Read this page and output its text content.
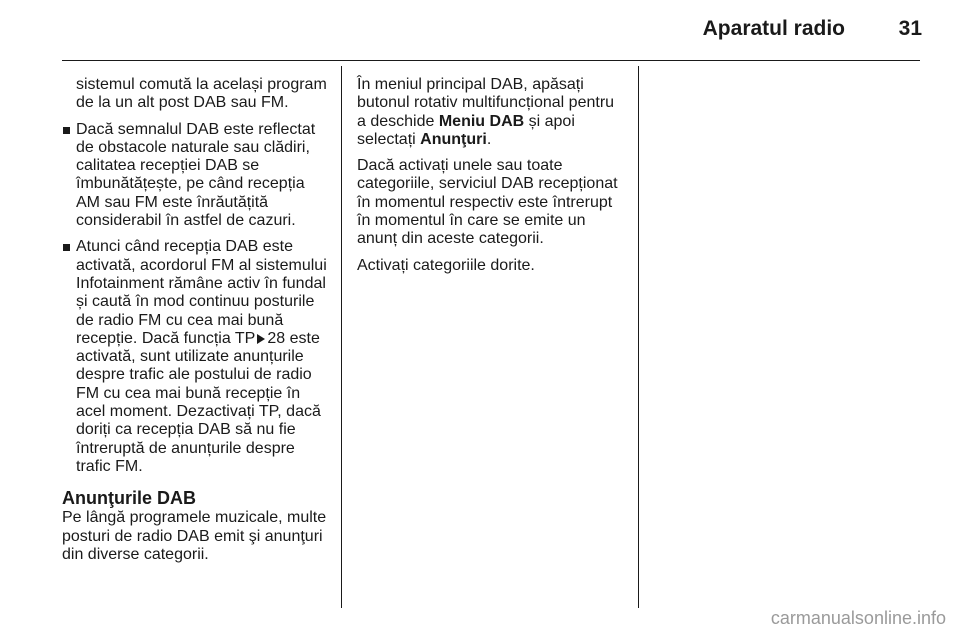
Aparatul radio	31

sistemul comută la același program de la un alt post DAB sau FM.

Dacă semnalul DAB este reflectat de obstacole naturale sau clădiri, calitatea recepției DAB se îmbunătățește, pe când recepția AM sau FM este înrăutățită considerabil în astfel de cazuri.
Atunci când recepția DAB este activată, acordorul FM al sistemului Infotainment rămâne activ în fundal și caută în mod continuu posturile de radio FM cu cea mai bună recepție. Dacă funcția TP 28 este activată, sunt utilizate anunțurile despre trafic ale postului de radio FM cu cea mai bună recepție în acel moment. Dezactivați TP, dacă doriți ca recepția DAB să nu fie întreruptă de anunțurile despre trafic FM.
Anunţurile DAB

Pe lângă programele muzicale, multe posturi de radio DAB emit şi anunţuri din diverse categorii.

În meniul principal DAB, apăsați butonul rotativ multifuncțional pentru a deschide Meniu DAB și apoi selectați Anunţuri.

Dacă activați unele sau toate categoriile, serviciul DAB recepționat în momentul respectiv este întrerupt în momentul în care se emite un anunț din aceste categorii.

Activați categoriile dorite.

carmanualsonline.info
